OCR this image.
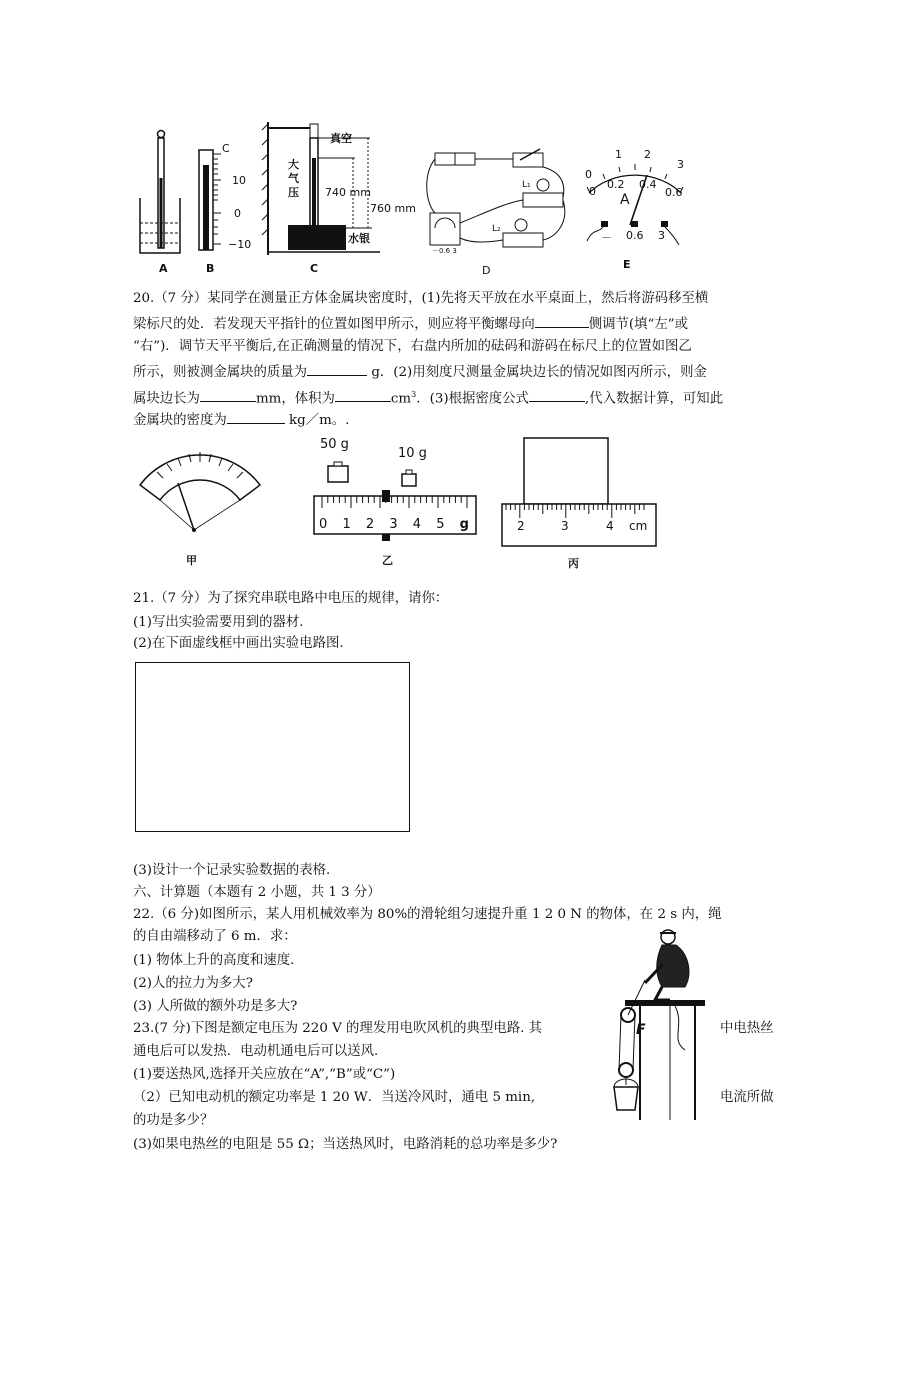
C
10
0
−10
真空
大气压 740 mm
760 mm
水银
L₁
L₂
－0.6 3
0
1 2
3
0
0.2 0.4
0.6
A
－ 0.6 3
A	B	C	D	E
20.（7 分）某同学在测量正方体金属块密度时，(1)先将天平放在水平桌面上，然后将游码移至横
梁标尺的处．若发现天平指针的位置如图甲所示，则应将平衡螺母向	侧调节(填“左”或
“右”)．调节天平平衡后,在正确测量的情况下，右盘内所加的砝码和游码在标尺上的位置如图乙
所示，则被测金属块的质量为	g．(2)用刻度尺测量金属块边长的情况如图丙所示，则金
属块边长为	mm，体积为	$cm^3$．(3)根据密度公式	,代入数据计算，可知此
金属块的密度为	kg／m。.
甲
50 g
10 g
0 1 2 3 4 5 g
乙
2	3	4 cm
丙
21.（7 分）为了探究串联电路中电压的规律，请你：
(1)写出实验需要用到的器材.
(2)在下面虚线框中画出实验电路图.
(3)设计一个记录实验数据的表格.
六、计算题（本题有 2 小题，共 1 3 分）
22.（6 分)如图所示，某人用机械效率为 80%的滑轮组匀速提升重 1 2 0 N 的物体，在 2 s 内，绳
的自由端移动了 6 m．求：
(1) 物体上升的高度和速度.
(2)人的拉力为多大?
(3) 人所做的额外功是多大?
23.(7 分)下图是额定电压为 220 V 的理发用电吹风机的典型电路. 其	中电热丝
通电后可以发热．电动机通电后可以送风.
(1)要送热风,选择开关应放在“A”,“B”或“C”)
（2）已知电动机的额定功率是 1 20 W．当送冷风时，通电 5 min,	电流所做
的功是多少？
(3)如果电热丝的电阻是 55 Ω；当送热风时，电路消耗的总功率是多少?
F
